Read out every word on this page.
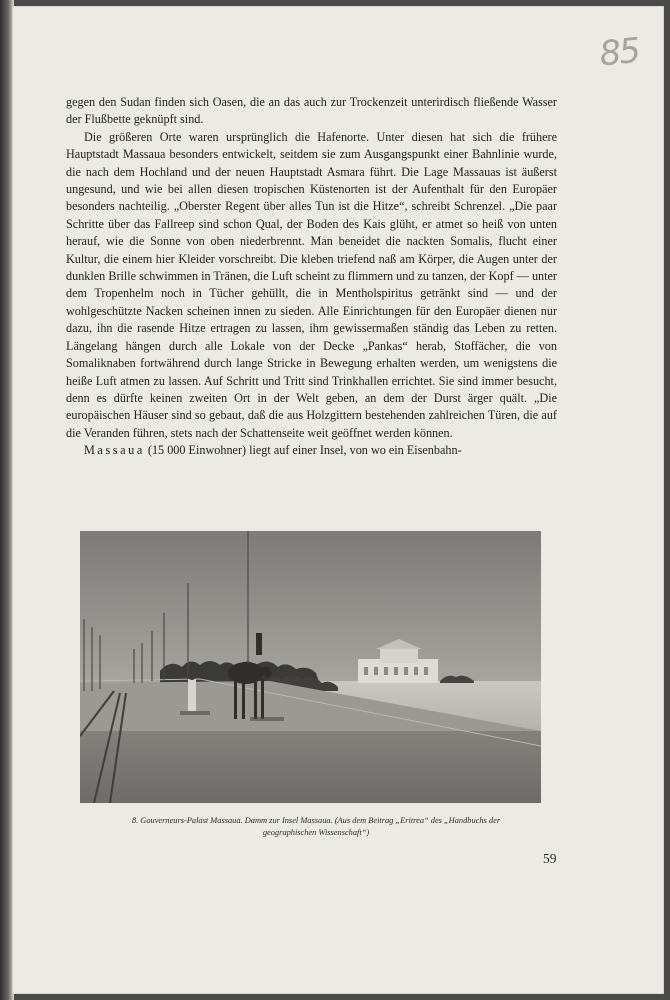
85

gegen den Sudan finden sich Oasen, die an das auch zur Trockenzeit unterirdisch fließende Wasser der Flußbette geknüpft sind.

Die größeren Orte waren ursprünglich die Hafenorte. Unter diesen hat sich die frühere Hauptstadt Massaua besonders entwickelt, seitdem sie zum Ausgangspunkt einer Bahnlinie wurde, die nach dem Hochland und der neuen Hauptstadt Asmara führt. Die Lage Massauas ist äußerst ungesund, und wie bei allen diesen tropischen Küstenorten ist der Aufenthalt für den Europäer besonders nachteilig. „Oberster Regent über alles Tun ist die Hitze“, schreibt Schrenzel. „Die paar Schritte über das Fallreep sind schon Qual, der Boden des Kais glüht, er atmet so heiß von unten herauf, wie die Sonne von oben niederbrennt. Man beneidet die nackten Somalis, flucht einer Kultur, die einem hier Kleider vorschreibt. Die kleben triefend naß am Körper, die Augen unter der dunklen Brille schwimmen in Tränen, die Luft scheint zu flimmern und zu tanzen, der Kopf — unter dem Tropenhelm noch in Tücher gehüllt, die in Mentholspiritus getränkt sind — und der wohlgeschützte Nacken scheinen innen zu sieden. Alle Einrichtungen für den Europäer dienen nur dazu, ihn die rasende Hitze ertragen zu lassen, ihm gewissermaßen ständig das Leben zu retten. Längelang hängen durch alle Lokale von der Decke „Pankas“ herab, Stoffächer, die von Somaliknaben fortwährend durch lange Stricke in Bewegung erhalten werden, um wenigstens die heiße Luft atmen zu lassen. Auf Schritt und Tritt sind Trinkhallen errichtet. Sie sind immer besucht, denn es dürfte keinen zweiten Ort in der Welt geben, an dem der Durst ärger quält. „Die europäischen Häuser sind so gebaut, daß die aus Holzgittern bestehenden zahlreichen Türen, die auf die Veranden führen, stets nach der Schattenseite weit geöffnet werden können.

Massaua (15 000 Einwohner) liegt auf einer Insel, von wo ein Eisenbahn-

8. Gouverneurs-Palast Massaua. Damm zur Insel Massaua. (Aus dem Beitrag „Eritrea“ des „Handbuchs der
geographischen Wissenschaft“)
59
